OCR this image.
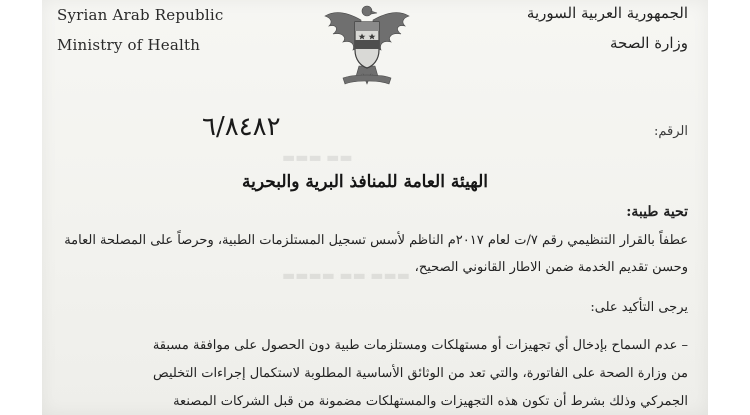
Syrian Arab Republic
Ministry of Health
الجمهورية العربية السورية
وزارة الصحة
▬▬ ▬▬▬
▬▬▬ ▬▬ ▬▬▬▬
الرقم:
٦/٨٤٨٢
الهيئة العامة للمنافذ البرية والبحرية
تحية طيبة:
عطفاً بالقرار التنظيمي رقم ٧/ت لعام ٢٠١٧م الناظم لأسس تسجيل المستلزمات الطبية، وحرصاً على المصلحة العامة
وحسن تقديم الخدمة ضمن الاطار القانوني الصحيح،
يرجى التأكيد على:
– عدم السماح بإدخال أي تجهيزات أو مستهلكات ومستلزمات طبية دون الحصول على موافقة مسبقة
من وزارة الصحة على الفاتورة، والتي تعد من الوثائق الأساسية المطلوبة لاستكمال إجراءات التخليص
الجمركي وذلك بشرط أن تكون هذه التجهيزات والمستهلكات مضمونة من قبل الشركات المصنعة
